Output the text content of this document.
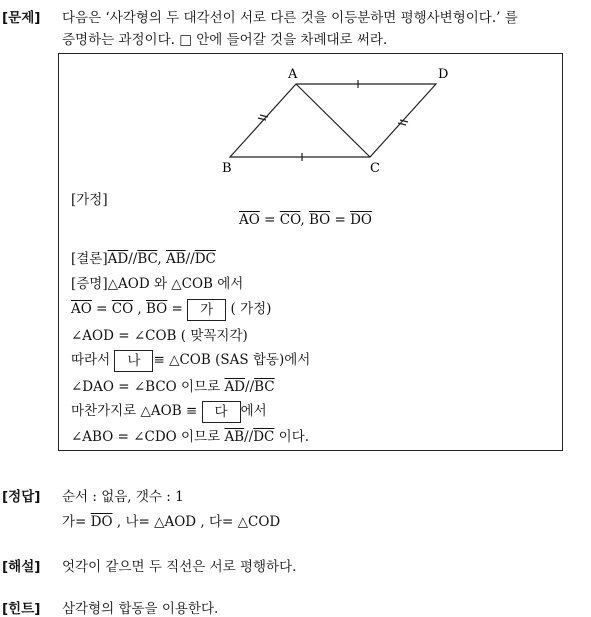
[문제] 다음은 ‘사각형의 두 대각선이 서로 다른 것을 이등분하면 평행사변형이다.’ 를
증명하는 과정이다. □ 안에 들어갈 것을 차례대로 써라.
A	D
B	C
[가정]
$\overline{AO} = \overline{CO}$, $\overline{BO} = \overline{DO}$
[결론]$\overline{AD}//\overline{BC}$, $\overline{AB}//\overline{DC}$
[증명]△AOD 와 △COB 에서
$\overline{AO} = \overline{CO}$ , $\overline{BO}$ = 가 ( 가정)
∠AOD = ∠COB ( 맞꼭지각)
따라서 나 ≡ △COB (SAS 합동)에서
∠DAO = ∠BCO 이므로 $\overline{AD}//\overline{BC}$
마찬가지로 △AOB ≡ 다 에서
∠ABO = ∠CDO 이므로 $\overline{AB}//\overline{DC}$ 이다.
[정답] 순서 : 없음, 갯수 : 1
가= $\overline{DO}$ , 나= △AOD , 다= △COD
[해설] 엇각이 같으면 두 직선은 서로 평행하다.
[힌트] 삼각형의 합동을 이용한다.
